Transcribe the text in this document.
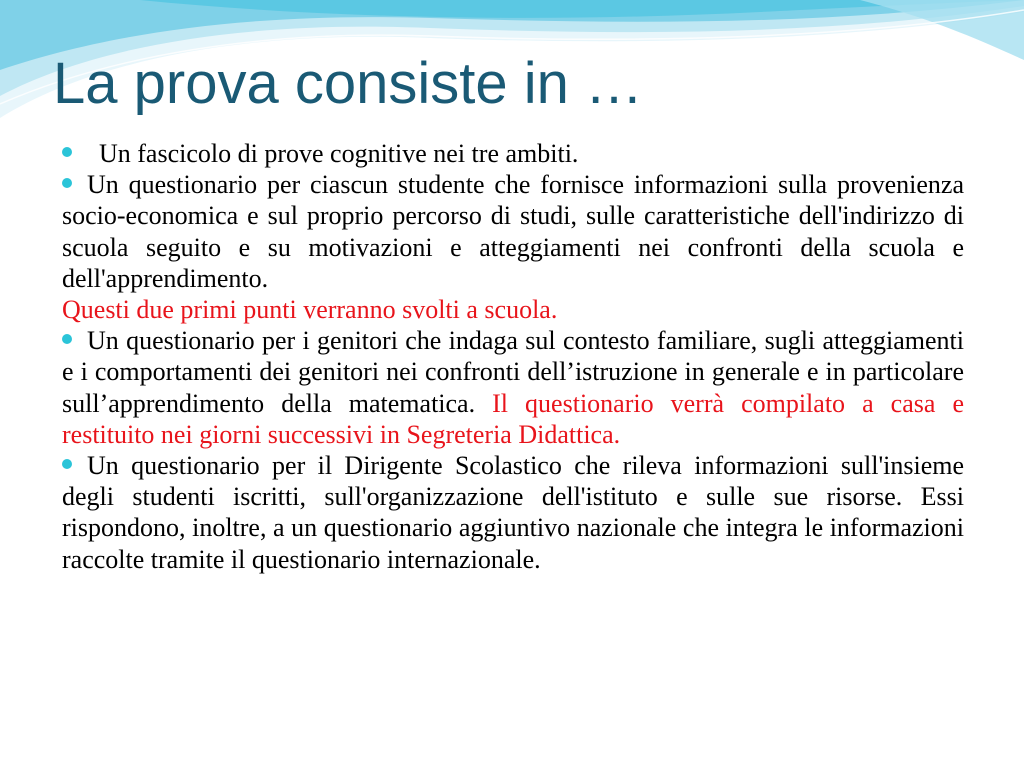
La prova consiste in …

Un fascicolo di prove cognitive nei tre ambiti.

Un questionario per ciascun studente che fornisce informazioni sulla provenienza socio-economica e sul proprio percorso di studi, sulle caratteristiche dell'indirizzo di scuola seguito e su motivazioni e atteggiamenti nei confronti della scuola e dell'apprendimento.

Questi due primi punti verranno svolti a scuola.

Un questionario per i genitori che indaga sul contesto familiare, sugli atteggiamenti e i comportamenti dei genitori nei confronti dell’istruzione in generale e in particolare sull’apprendimento della matematica. Il questionario verrà compilato a casa e restituito nei giorni successivi in Segreteria Didattica.

Un questionario per il Dirigente Scolastico che rileva informazioni sull'insieme degli studenti iscritti, sull'organizzazione dell'istituto e sulle sue risorse. Essi rispondono, inoltre, a un questionario aggiuntivo nazionale che integra le informazioni raccolte tramite il questionario internazionale.
